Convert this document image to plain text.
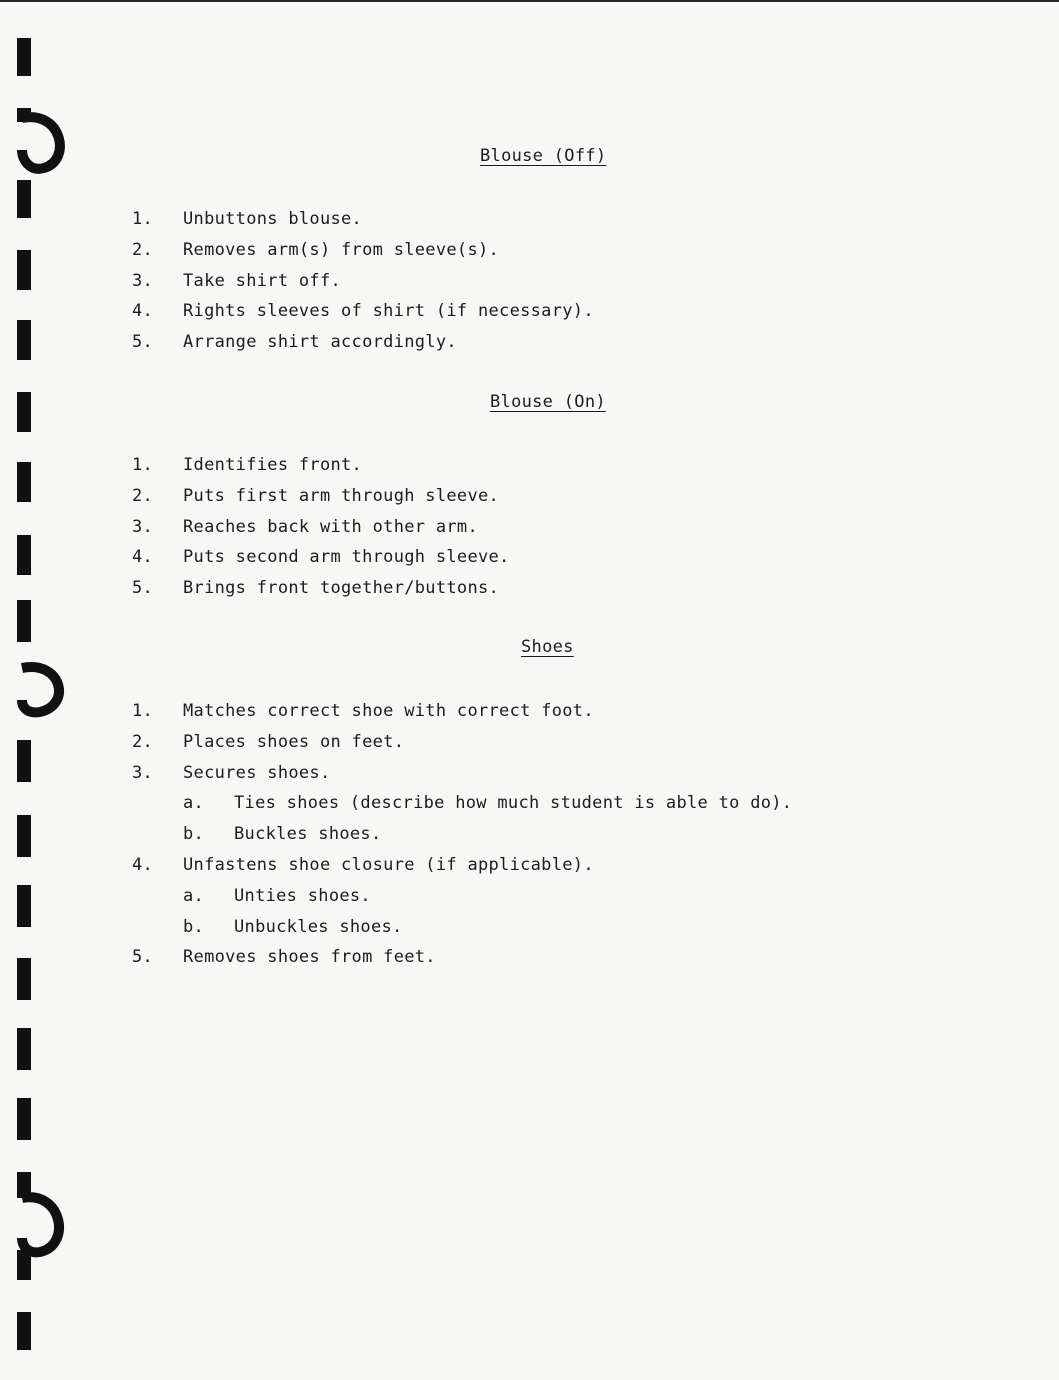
Blouse (Off)
1. Unbuttons blouse.
2. Removes arm(s) from sleeve(s).
3. Take shirt off.
4. Rights sleeves of shirt (if necessary).
5. Arrange shirt accordingly.
Blouse (On)
1. Identifies front.
2. Puts first arm through sleeve.
3. Reaches back with other arm.
4. Puts second arm through sleeve.
5. Brings front together/buttons.
Shoes
1. Matches correct shoe with correct foot.
2. Places shoes on feet.
3. Secures shoes.
a. Ties shoes (describe how much student is able to do).
b. Buckles shoes.
4. Unfastens shoe closure (if applicable).
a. Unties shoes.
b. Unbuckles shoes.
5. Removes shoes from feet.
